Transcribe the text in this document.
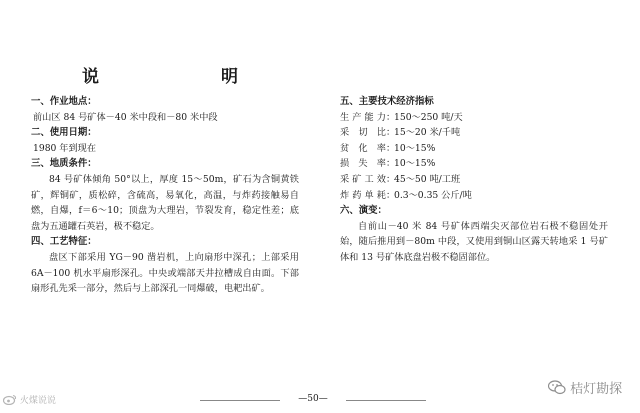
说 明
一、作业地点：
前山区 84 号矿体－40 米中段和－80 米中段
二、使用日期：
1980 年到现在
三、地质条件：
84 号矿体倾角 50°以上，厚度 15～50m，矿石为含铜黄铁矿，辉铜矿，质松碎，含硫高，易氧化，高温，与炸药接触易自燃，自爆，f＝6～10；顶盘为大理岩，节裂发育，稳定性差；底盘为五通罐石英岩，极不稳定。
四、工艺特征：
盘区下部采用 YG－90 凿岩机，上向扇形中深孔；上部采用 6A－100 机水平扇形深孔。中央或端部天井拉槽成自由面。下部扇形孔先采一部分，然后与上部深孔一同爆破，电耙出矿。
五、主要技术经济指标
生产能力 ：
150～250 吨/天
采 切 比 ：
15～20 米/千吨
贫 化 率 ：
10～15%
损 失 率 ：
10～15%
采矿工效 ：
45～50 吨/工班
炸药单耗 ：
0.3～0.35 公斤/吨
六、演变：
自前山－40 米 84 号矿体西端尖灭部位岩石极不稳固处开始，随后推用到－80m 中段，又使用到铜山区露天转地采 1 号矿体和 13 号矿体底盘岩极不稳固部位。
—50—
火煤说说
桔灯勘探
